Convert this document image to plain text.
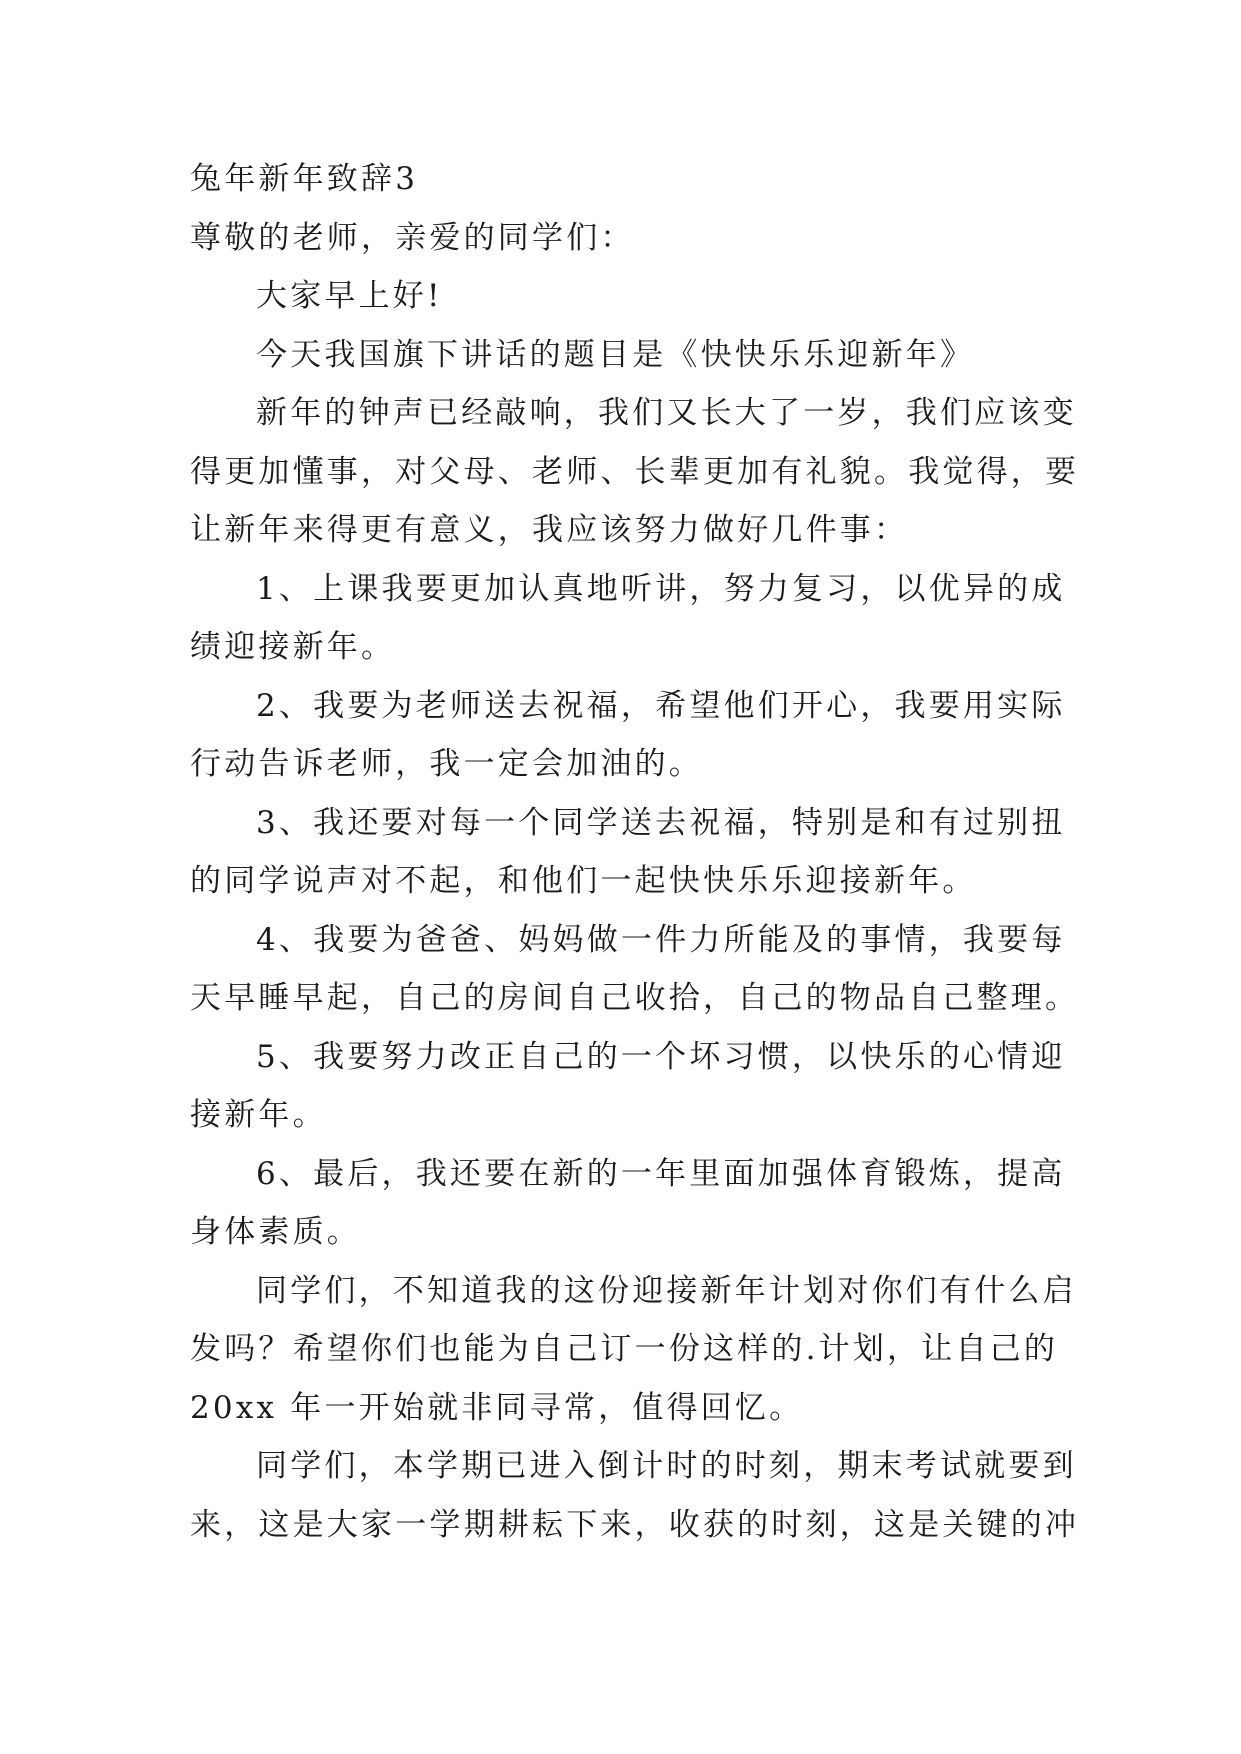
兔年新年致辞3
尊敬的老师，亲爱的同学们：
大家早上好!
今天我国旗下讲话的题目是《快快乐乐迎新年》
新年的钟声已经敲响，我们又长大了一岁，我们应该变
得更加懂事，对父母、老师、长辈更加有礼貌。我觉得，要
让新年来得更有意义，我应该努力做好几件事：
1、上课我要更加认真地听讲，努力复习，以优异的成
绩迎接新年。
2、我要为老师送去祝福，希望他们开心，我要用实际
行动告诉老师，我一定会加油的。
3、我还要对每一个同学送去祝福，特别是和有过别扭
的同学说声对不起，和他们一起快快乐乐迎接新年。
4、我要为爸爸、妈妈做一件力所能及的事情，我要每
天早睡早起，自己的房间自己收拾，自己的物品自己整理。
5、我要努力改正自己的一个坏习惯，以快乐的心情迎
接新年。
6、最后，我还要在新的一年里面加强体育锻炼，提高
身体素质。
同学们，不知道我的这份迎接新年计划对你们有什么启
发吗？希望你们也能为自己订一份这样的.计划，让自己的
20xx 年一开始就非同寻常，值得回忆。
同学们，本学期已进入倒计时的时刻，期末考试就要到
来，这是大家一学期耕耘下来，收获的时刻，这是关键的冲
